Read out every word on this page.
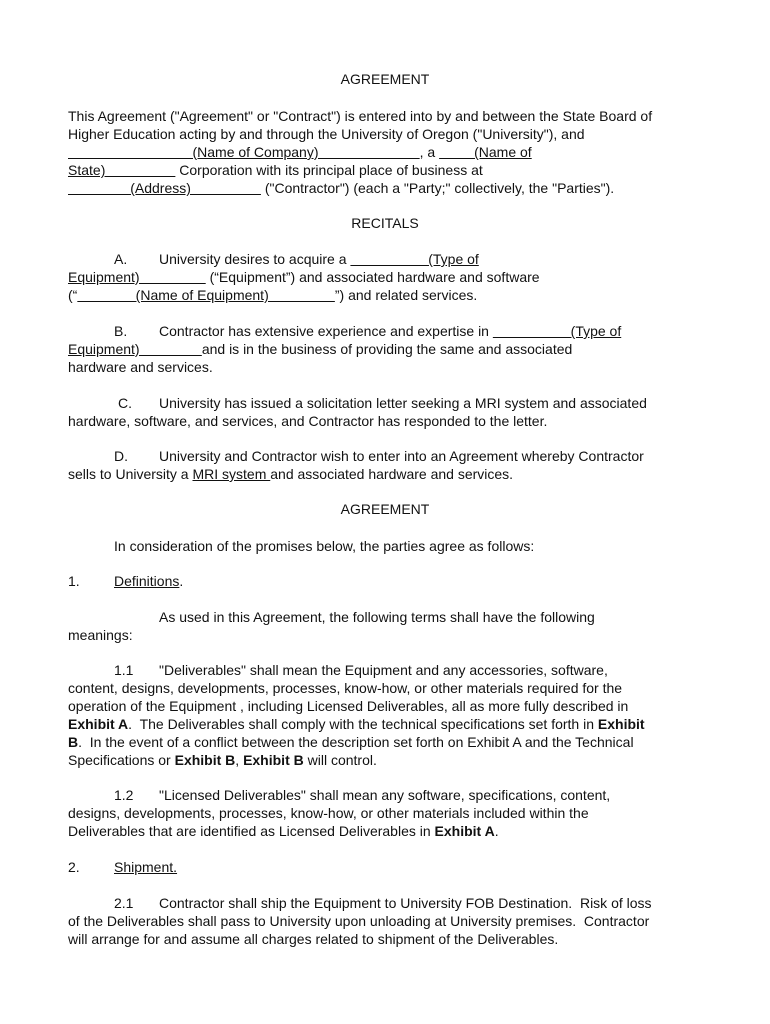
AGREEMENT
This Agreement ("Agreement" or "Contract") is entered into by and between the State Board of
Higher Education acting by and through the University of Oregon ("University"), and
(Name of Company)                          , a          (Name of
State)                   Corporation with its principal place of business at
(Address)                   ("Contractor") (each a "Party;" collectively, the "Parties").
RECITALS
A. University desires to acquire a                     (Type of
Equipment)                  (“Equipment”) and associated hardware and software
(“               (Name of Equipment)                 ”) and related services.
B. Contractor has extensive experience and expertise in                     (Type of
Equipment)                and is in the business of providing the same and associated
hardware and services.
C. University has issued a solicitation letter seeking a MRI system and associated
hardware, software, and services, and Contractor has responded to the letter.
D. University and Contractor wish to enter into an Agreement whereby Contractor
sells to University a MRI system and associated hardware and services.
AGREEMENT
In consideration of the promises below, the parties agree as follows:
1. Definitions.
As used in this Agreement, the following terms shall have the following
meanings:
1.1 "Deliverables" shall mean the Equipment and any accessories, software,
content, designs, developments, processes, know-how, or other materials required for the
operation of the Equipment , including Licensed Deliverables, all as more fully described in
Exhibit A.  The Deliverables shall comply with the technical specifications set forth in Exhibit
B.  In the event of a conflict between the description set forth on Exhibit A and the Technical
Specifications or Exhibit B, Exhibit B will control.
1.2 "Licensed Deliverables" shall mean any software, specifications, content,
designs, developments, processes, know-how, or other materials included within the
Deliverables that are identified as Licensed Deliverables in Exhibit A.
2. Shipment.
2.1 Contractor shall ship the Equipment to University FOB Destination.  Risk of loss
of the Deliverables shall pass to University upon unloading at University premises.  Contractor
will arrange for and assume all charges related to shipment of the Deliverables.
